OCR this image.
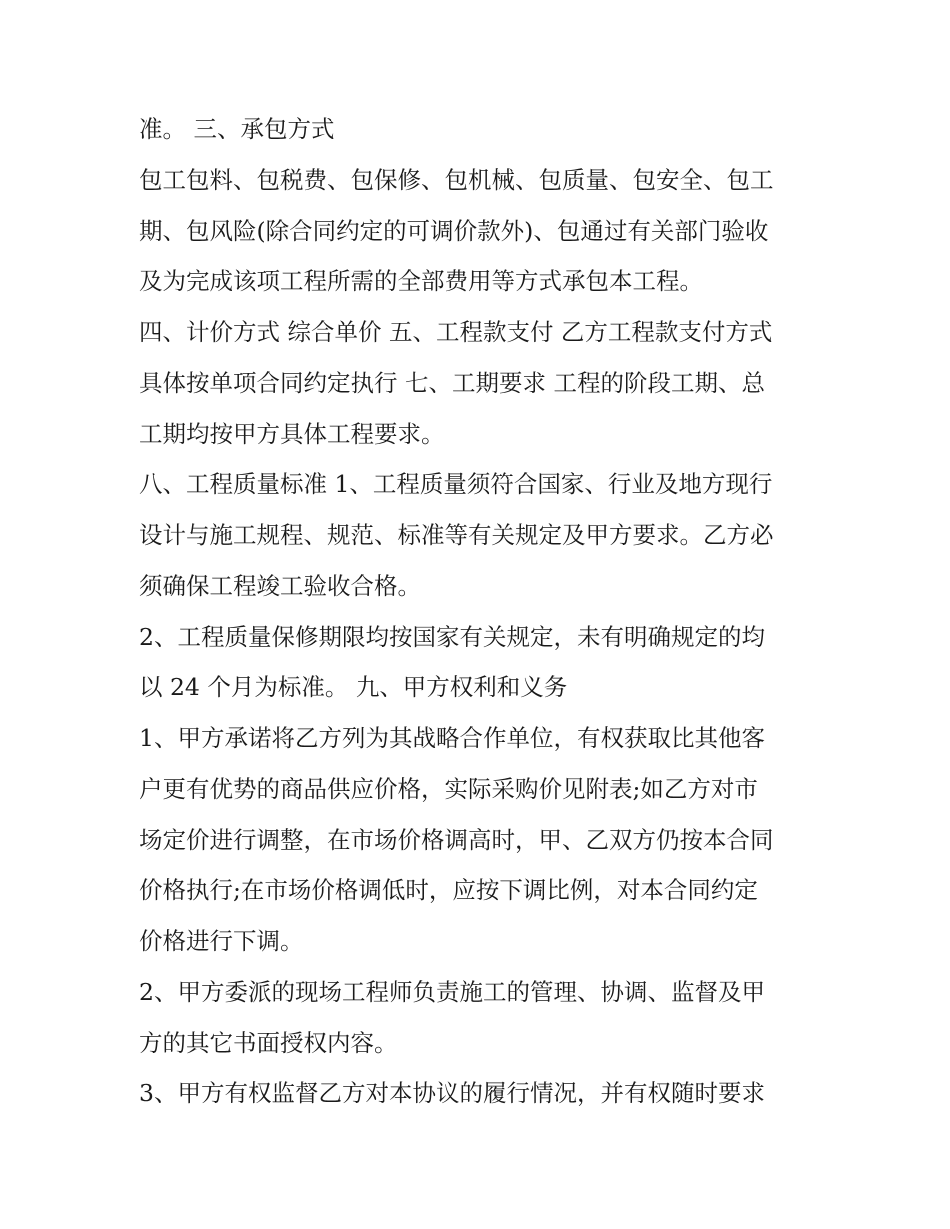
准。 三、承包方式
包工包料、包税费、包保修、包机械、包质量、包安全、包工
期、包风险(除合同约定的可调价款外)、包通过有关部门验收
及为完成该项工程所需的全部费用等方式承包本工程。
四、计价方式 综合单价 五、工程款支付 乙方工程款支付方式
具体按单项合同约定执行 七、工期要求 工程的阶段工期、总
工期均按甲方具体工程要求。
八、工程质量标准 1、工程质量须符合国家、行业及地方现行
设计与施工规程、规范、标准等有关规定及甲方要求。乙方必
须确保工程竣工验收合格。
2、工程质量保修期限均按国家有关规定，未有明确规定的均
以 24 个月为标准。 九、甲方权利和义务
1、甲方承诺将乙方列为其战略合作单位，有权获取比其他客
户更有优势的商品供应价格，实际采购价见附表;如乙方对市
场定价进行调整，在市场价格调高时，甲、乙双方仍按本合同
价格执行;在市场价格调低时，应按下调比例，对本合同约定
价格进行下调。
2、甲方委派的现场工程师负责施工的管理、协调、监督及甲
方的其它书面授权内容。
3、甲方有权监督乙方对本协议的履行情况，并有权随时要求
